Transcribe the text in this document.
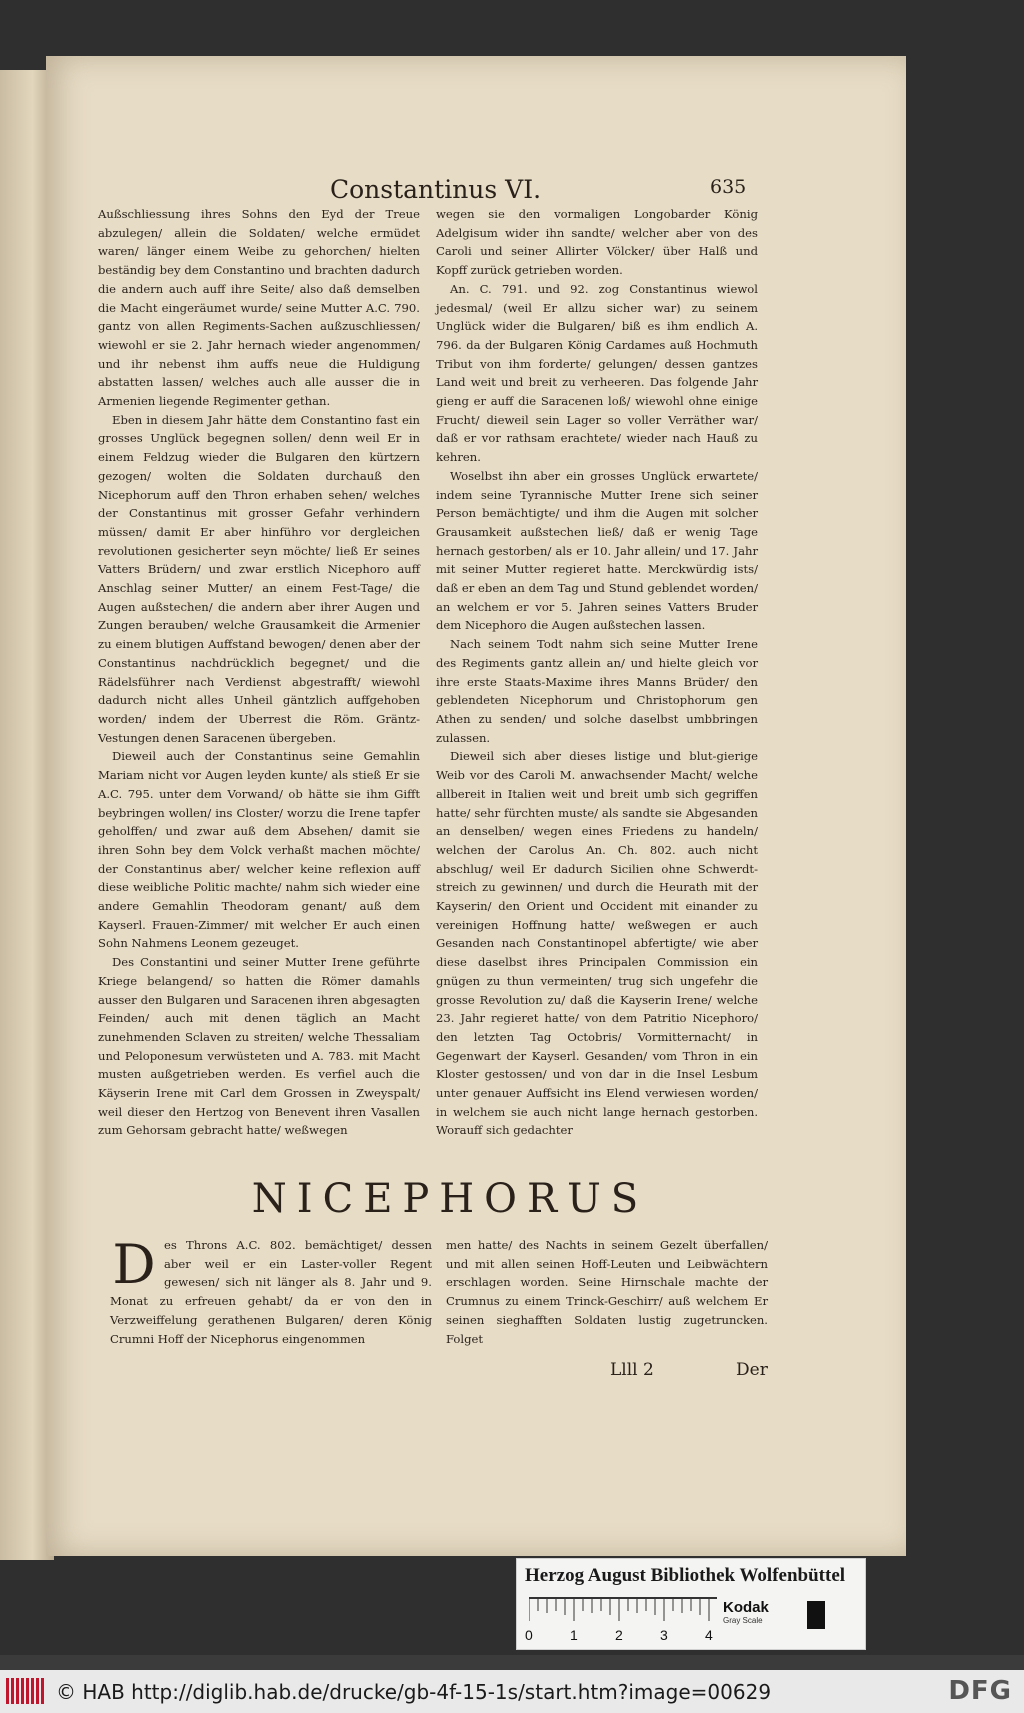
Constantinus VI.	635

Außschliessung ihres Sohns den Eyd der Treue abzulegen/ allein die Soldaten/ welche ermüdet waren/ länger einem Weibe zu gehorchen/ hielten beständig bey dem Constantino und brachten dadurch die andern auch auff ihre Seite/ also daß demselben die Macht eingeräumet wurde/ seine Mutter A.C. 790. gantz von allen Regiments-Sachen außzuschliessen/ wiewohl er sie 2. Jahr hernach wieder angenommen/ und ihr nebenst ihm auffs neue die Huldigung abstatten lassen/ welches auch alle ausser die in Armenien liegende Regimenter gethan.

Eben in diesem Jahr hätte dem Constantino fast ein grosses Unglück begegnen sollen/ denn weil Er in einem Feldzug wieder die Bulgaren den kürtzern gezogen/ wolten die Soldaten durchauß den Nicephorum auff den Thron erhaben sehen/ welches der Constantinus mit grosser Gefahr verhindern müssen/ damit Er aber hinführo vor dergleichen revolutionen gesicherter seyn möchte/ ließ Er seines Vatters Brüdern/ und zwar erstlich Nicephoro auff Anschlag seiner Mutter/ an einem Fest-Tage/ die Augen außstechen/ die andern aber ihrer Augen und Zungen berauben/ welche Grausamkeit die Armenier zu einem blutigen Auffstand bewogen/ denen aber der Constantinus nachdrücklich begegnet/ und die Rädelsführer nach Verdienst abgestrafft/ wiewohl dadurch nicht alles Unheil gäntzlich auffgehoben worden/ indem der Uberrest die Röm. Gräntz-Vestungen denen Saracenen übergeben.

Dieweil auch der Constantinus seine Gemahlin Mariam nicht vor Augen leyden kunte/ als stieß Er sie A.C. 795. unter dem Vorwand/ ob hätte sie ihm Gifft beybringen wollen/ ins Closter/ worzu die Irene tapfer geholffen/ und zwar auß dem Absehen/ damit sie ihren Sohn bey dem Volck verhaßt machen möchte/ der Constantinus aber/ welcher keine reflexion auff diese weibliche Politic machte/ nahm sich wieder eine andere Gemahlin Theodoram genant/ auß dem Kayserl. Frauen-Zimmer/ mit welcher Er auch einen Sohn Nahmens Leonem gezeuget.

Des Constantini und seiner Mutter Irene geführte Kriege belangend/ so hatten die Römer damahls ausser den Bulgaren und Saracenen ihren abgesagten Feinden/ auch mit denen täglich an Macht zunehmenden Sclaven zu streiten/ welche Thessaliam und Peloponesum verwüsteten und A. 783. mit Macht musten außgetrieben werden. Es verfiel auch die Käyserin Irene mit Carl dem Grossen in Zweyspalt/ weil dieser den Hertzog von Benevent ihren Vasallen zum Gehorsam gebracht hatte/ weßwegen

wegen sie den vormaligen Longobarder König Adelgisum wider ihn sandte/ welcher aber von des Caroli und seiner Allirter Völcker/ über Halß und Kopff zurück getrieben worden.

An. C. 791. und 92. zog Constantinus wiewol jedesmal/ (weil Er allzu sicher war) zu seinem Unglück wider die Bulgaren/ biß es ihm endlich A. 796. da der Bulgaren König Cardames auß Hochmuth Tribut von ihm forderte/ gelungen/ dessen gantzes Land weit und breit zu verheeren. Das folgende Jahr gieng er auff die Saracenen loß/ wiewohl ohne einige Frucht/ dieweil sein Lager so voller Verräther war/ daß er vor rathsam erachtete/ wieder nach Hauß zu kehren.

Woselbst ihn aber ein grosses Unglück erwartete/ indem seine Tyrannische Mutter Irene sich seiner Person bemächtigte/ und ihm die Augen mit solcher Grausamkeit außstechen ließ/ daß er wenig Tage hernach gestorben/ als er 10. Jahr allein/ und 17. Jahr mit seiner Mutter regieret hatte. Merckwürdig ists/ daß er eben an dem Tag und Stund geblendet worden/ an welchem er vor 5. Jahren seines Vatters Bruder dem Nicephoro die Augen außstechen lassen.

Nach seinem Todt nahm sich seine Mutter Irene des Regiments gantz allein an/ und hielte gleich vor ihre erste Staats-Maxime ihres Manns Brüder/ den geblendeten Nicephorum und Christophorum gen Athen zu senden/ und solche daselbst umbbringen zulassen.

Dieweil sich aber dieses listige und blut-gierige Weib vor des Caroli M. anwachsender Macht/ welche allbereit in Italien weit und breit umb sich gegriffen hatte/ sehr fürchten muste/ als sandte sie Abgesanden an denselben/ wegen eines Friedens zu handeln/ welchen der Carolus An. Ch. 802. auch nicht abschlug/ weil Er dadurch Sicilien ohne Schwerdt-streich zu gewinnen/ und durch die Heurath mit der Kayserin/ den Orient und Occident mit einander zu vereinigen Hoffnung hatte/ weßwegen er auch Gesanden nach Constantinopel abfertigte/ wie aber diese daselbst ihres Principalen Commission ein gnügen zu thun vermeinten/ trug sich ungefehr die grosse Revolution zu/ daß die Kayserin Irene/ welche 23. Jahr regieret hatte/ von dem Patritio Nicephoro/ den letzten Tag Octobris/ Vormitternacht/ in Gegenwart der Kayserl. Gesanden/ vom Thron in ein Kloster gestossen/ und von dar in die Insel Lesbum unter genauer Auffsicht ins Elend verwiesen worden/ in welchem sie auch nicht lange hernach gestorben. Worauff sich gedachter

NICEPHORUS
D es Throns A.C. 802. bemächtiget/ dessen aber weil er ein Laster-voller Regent gewesen/ sich nit länger als 8. Jahr und 9. Monat zu erfreuen gehabt/ da er von den in Verzweiffelung gerathenen Bulgaren/ deren König Crumni Hoff der Nicephorus eingenommen

men hatte/ des Nachts in seinem Gezelt überfallen/ und mit allen seinen Hoff-Leuten und Leibwächtern erschlagen worden. Seine Hirnschale machte der Crumnus zu einem Trinck-Geschirr/ auß welchem Er seinen sieghafften Soldaten lustig zugetruncken. Folget

Llll 2	Der
Herzog August Bibliothek Wolfenbüttel
0	1	2	3	4
Kodak
Gray Scale
© HAB http://diglib.hab.de/drucke/gb-4f-15-1s/start.htm?image=00629	DFG
